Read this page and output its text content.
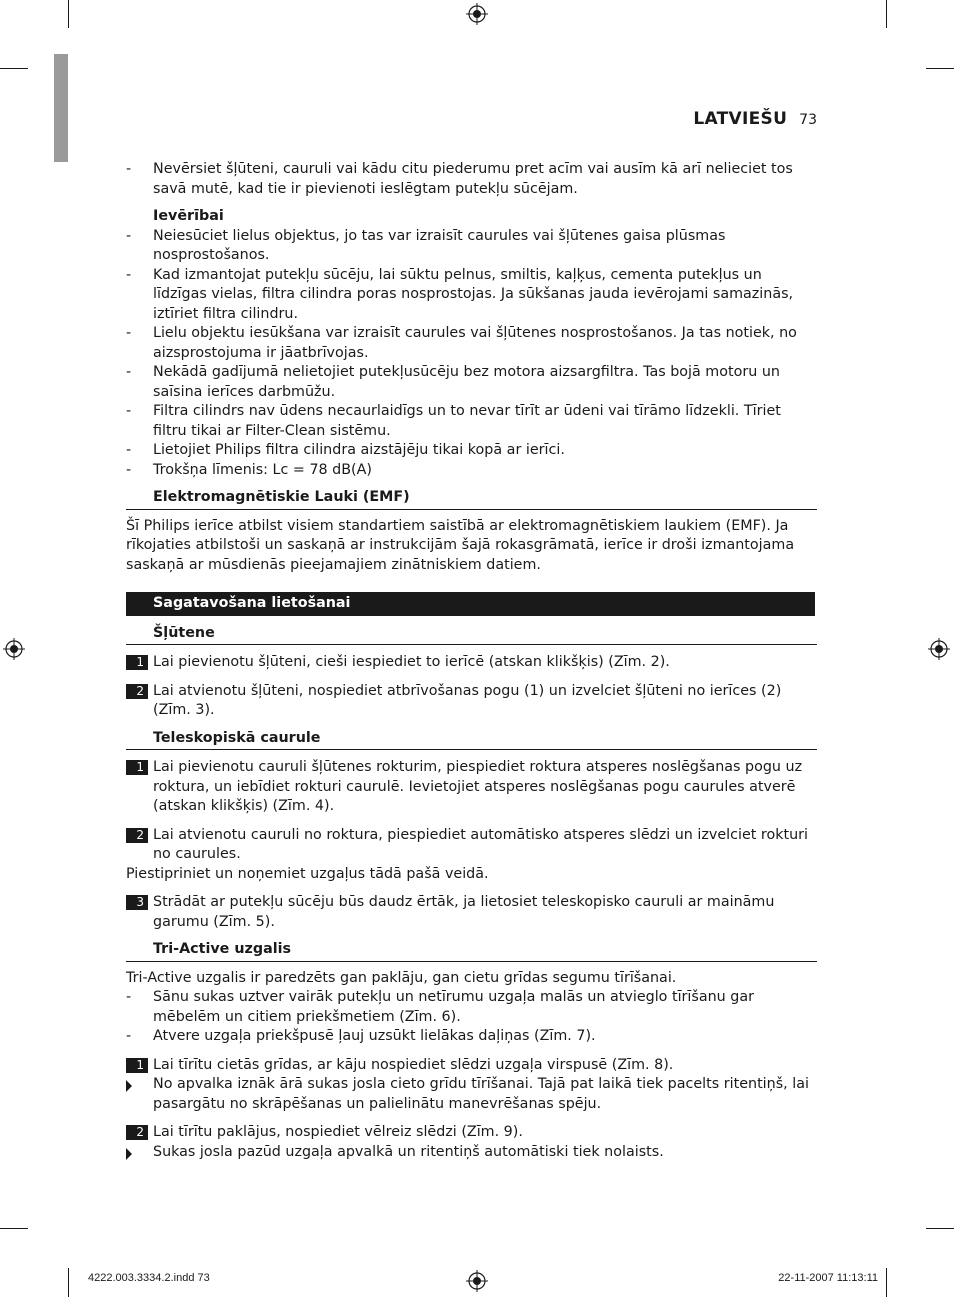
LATVIEŠU 73
- Nevērsiet šļūteni, cauruli vai kādu citu piederumu pret acīm vai ausīm kā arī nelieciet tos savā mutē, kad tie ir pievienoti ieslēgtam putekļu sūcējam.
Ievērībai
- Neiesūciet lielus objektus, jo tas var izraisīt caurules vai šļūtenes gaisa plūsmas nosprostošanos.
- Kad izmantojat putekļu sūcēju, lai sūktu pelnus, smiltis, kaļķus, cementa putekļus un līdzīgas vielas, filtra cilindra poras nosprostojas. Ja sūkšanas jauda ievērojami samazinās, iztīriet filtra cilindru.
- Lielu objektu iesūkšana var izraisīt caurules vai šļūtenes nosprostošanos. Ja tas notiek, no aizsprostojuma ir jāatbrīvojas.
- Nekādā gadījumā nelietojiet putekļusūcēju bez motora aizsargfiltra. Tas bojā motoru un saīsina ierīces darbmūžu.
- Filtra cilindrs nav ūdens necaurlaidīgs un to nevar tīrīt ar ūdeni vai tīrāmo līdzekli. Tīriet filtru tikai ar Filter-Clean sistēmu.
- Lietojiet Philips filtra cilindra aizstājēju tikai kopā ar ierīci.
- Trokšņa līmenis: Lc = 78 dB(A)
Elektromagnētiskie Lauki (EMF)
Šī Philips ierīce atbilst visiem standartiem saistībā ar elektromagnētiskiem laukiem (EMF). Ja rīkojaties atbilstoši un saskaņā ar instrukcijām šajā rokasgrāmatā, ierīce ir droši izmantojama saskaņā ar mūsdienās pieejamajiem zinātniskiem datiem.
Sagatavošana lietošanai
Šļūtene
1 Lai pievienotu šļūteni, cieši iespiediet to ierīcē (atskan klikšķis) (Zīm. 2).
2 Lai atvienotu šļūteni, nospiediet atbrīvošanas pogu (1) un izvelciet šļūteni no ierīces (2) (Zīm. 3).
Teleskopiskā caurule
1 Lai pievienotu cauruli šļūtenes rokturim, piespiediet roktura atsperes noslēgšanas pogu uz roktura, un iebīdiet rokturi caurulē. Ievietojiet atsperes noslēgšanas pogu caurules atverē (atskan klikšķis) (Zīm. 4).
2 Lai atvienotu cauruli no roktura, piespiediet automātisko atsperes slēdzi un izvelciet rokturi no caurules.
Piestipriniet un noņemiet uzgaļus tādā pašā veidā.
3 Strādāt ar putekļu sūcēju būs daudz ērtāk, ja lietosiet teleskopisko cauruli ar maināmu garumu (Zīm. 5).
Tri-Active uzgalis
Tri-Active uzgalis ir paredzēts gan paklāju, gan cietu grīdas segumu tīrīšanai.
- Sānu sukas uztver vairāk putekļu un netīrumu uzgaļa malās un atvieglo tīrīšanu gar mēbelēm un citiem priekšmetiem (Zīm. 6).
- Atvere uzgaļa priekšpusē ļauj uzsūkt lielākas daļiņas (Zīm. 7).
1 Lai tīrītu cietās grīdas, ar kāju nospiediet slēdzi uzgaļa virspusē (Zīm. 8).
No apvalka iznāk ārā sukas josla cieto grīdu tīrīšanai. Tajā pat laikā tiek pacelts ritentiņš, lai pasargātu no skrāpēšanas un palielinātu manevrēšanas spēju.
2 Lai tīrītu paklājus, nospiediet vēlreiz slēdzi (Zīm. 9).
Sukas josla pazūd uzgaļa apvalkā un ritentiņš automātiski tiek nolaists.
4222.003.3334.2.indd 73	22-11-2007 11:13:11
